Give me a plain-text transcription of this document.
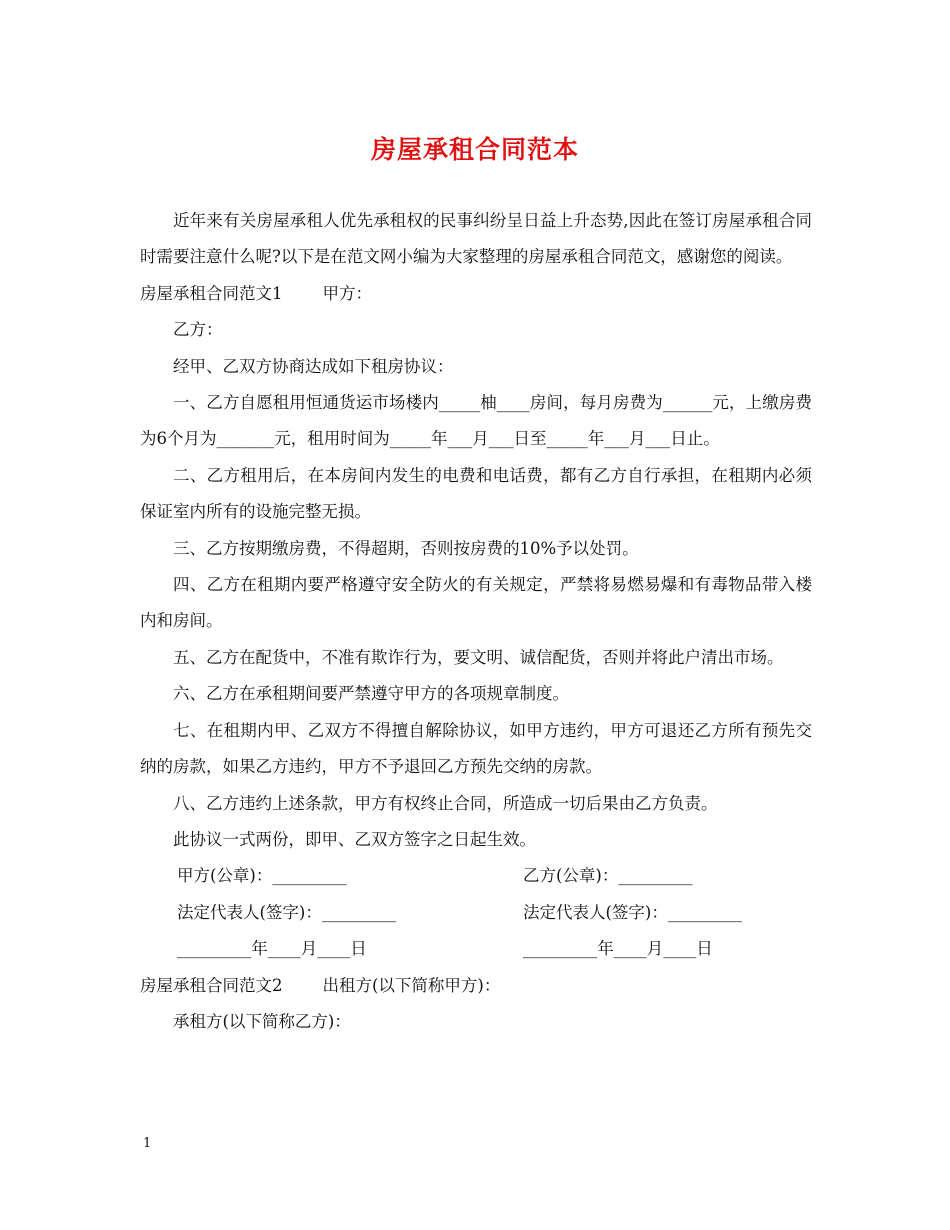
房屋承租合同范本

近年来有关房屋承租人优先承租权的民事纠纷呈日益上升态势,因此在签订房屋承租合同时需要注意什么呢?以下是在范文网小编为大家整理的房屋承租合同范文，感谢您的阅读。

房屋承租合同范文1 甲方：

乙方：

经甲、乙双方协商达成如下租房协议：

一、乙方自愿租用恒通货运市场楼内_____柚____房间，每月房费为______元，上缴房费为6个月为_______元，租用时间为_____年___月___日至_____年___月___日止。

二、乙方租用后，在本房间内发生的电费和电话费，都有乙方自行承担，在租期内必须保证室内所有的设施完整无损。

三、乙方按期缴房费，不得超期，否则按房费的10%予以处罚。

四、乙方在租期内要严格遵守安全防火的有关规定，严禁将易燃易爆和有毒物品带入楼内和房间。

五、乙方在配货中，不准有欺诈行为，要文明、诚信配货，否则并将此户清出市场。

六、乙方在承租期间要严禁遵守甲方的各项规章制度。

七、在租期内甲、乙双方不得擅自解除协议，如甲方违约，甲方可退还乙方所有预先交纳的房款，如果乙方违约，甲方不予退回乙方预先交纳的房款。

八、乙方违约上述条款，甲方有权终止合同，所造成一切后果由乙方负责。

此协议一式两份，即甲、乙双方签字之日起生效。

甲方(公章)：_________	乙方(公章)：_________
法定代表人(签字)：_________	法定代表人(签字)：_________
_________年____月____日	_________年____月____日

房屋承租合同范文2 出租方(以下简称甲方)：

承租方(以下简称乙方)：

1
